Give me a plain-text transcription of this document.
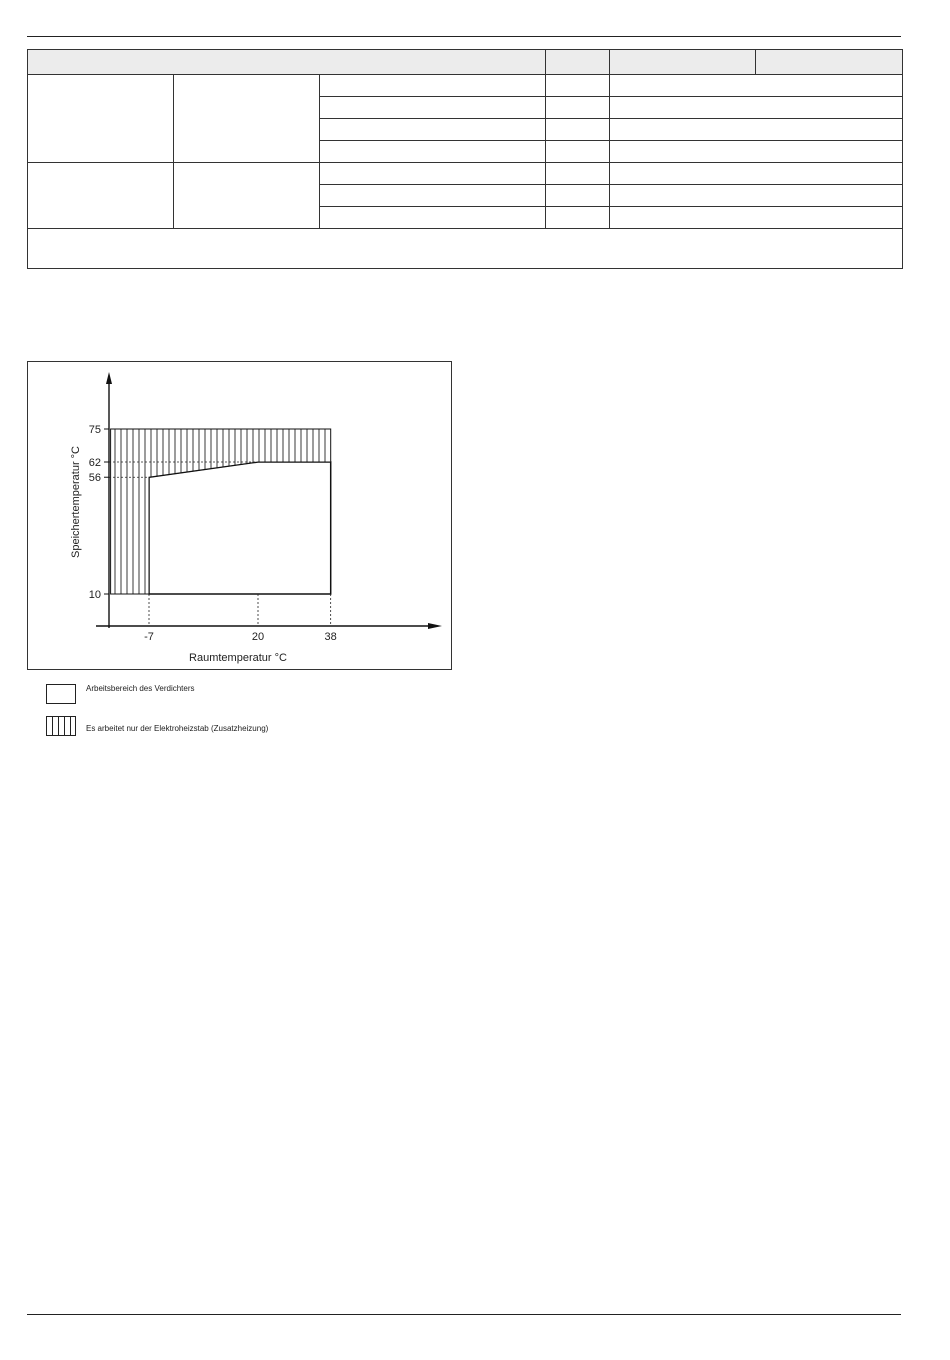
75
62
56
10
-7	20	38
Raumtemperatur °C
Speichertemperatur °C
Arbeitsbereich des Verdichters
Es arbeitet nur der Elektroheizstab (Zusatzheizung)
